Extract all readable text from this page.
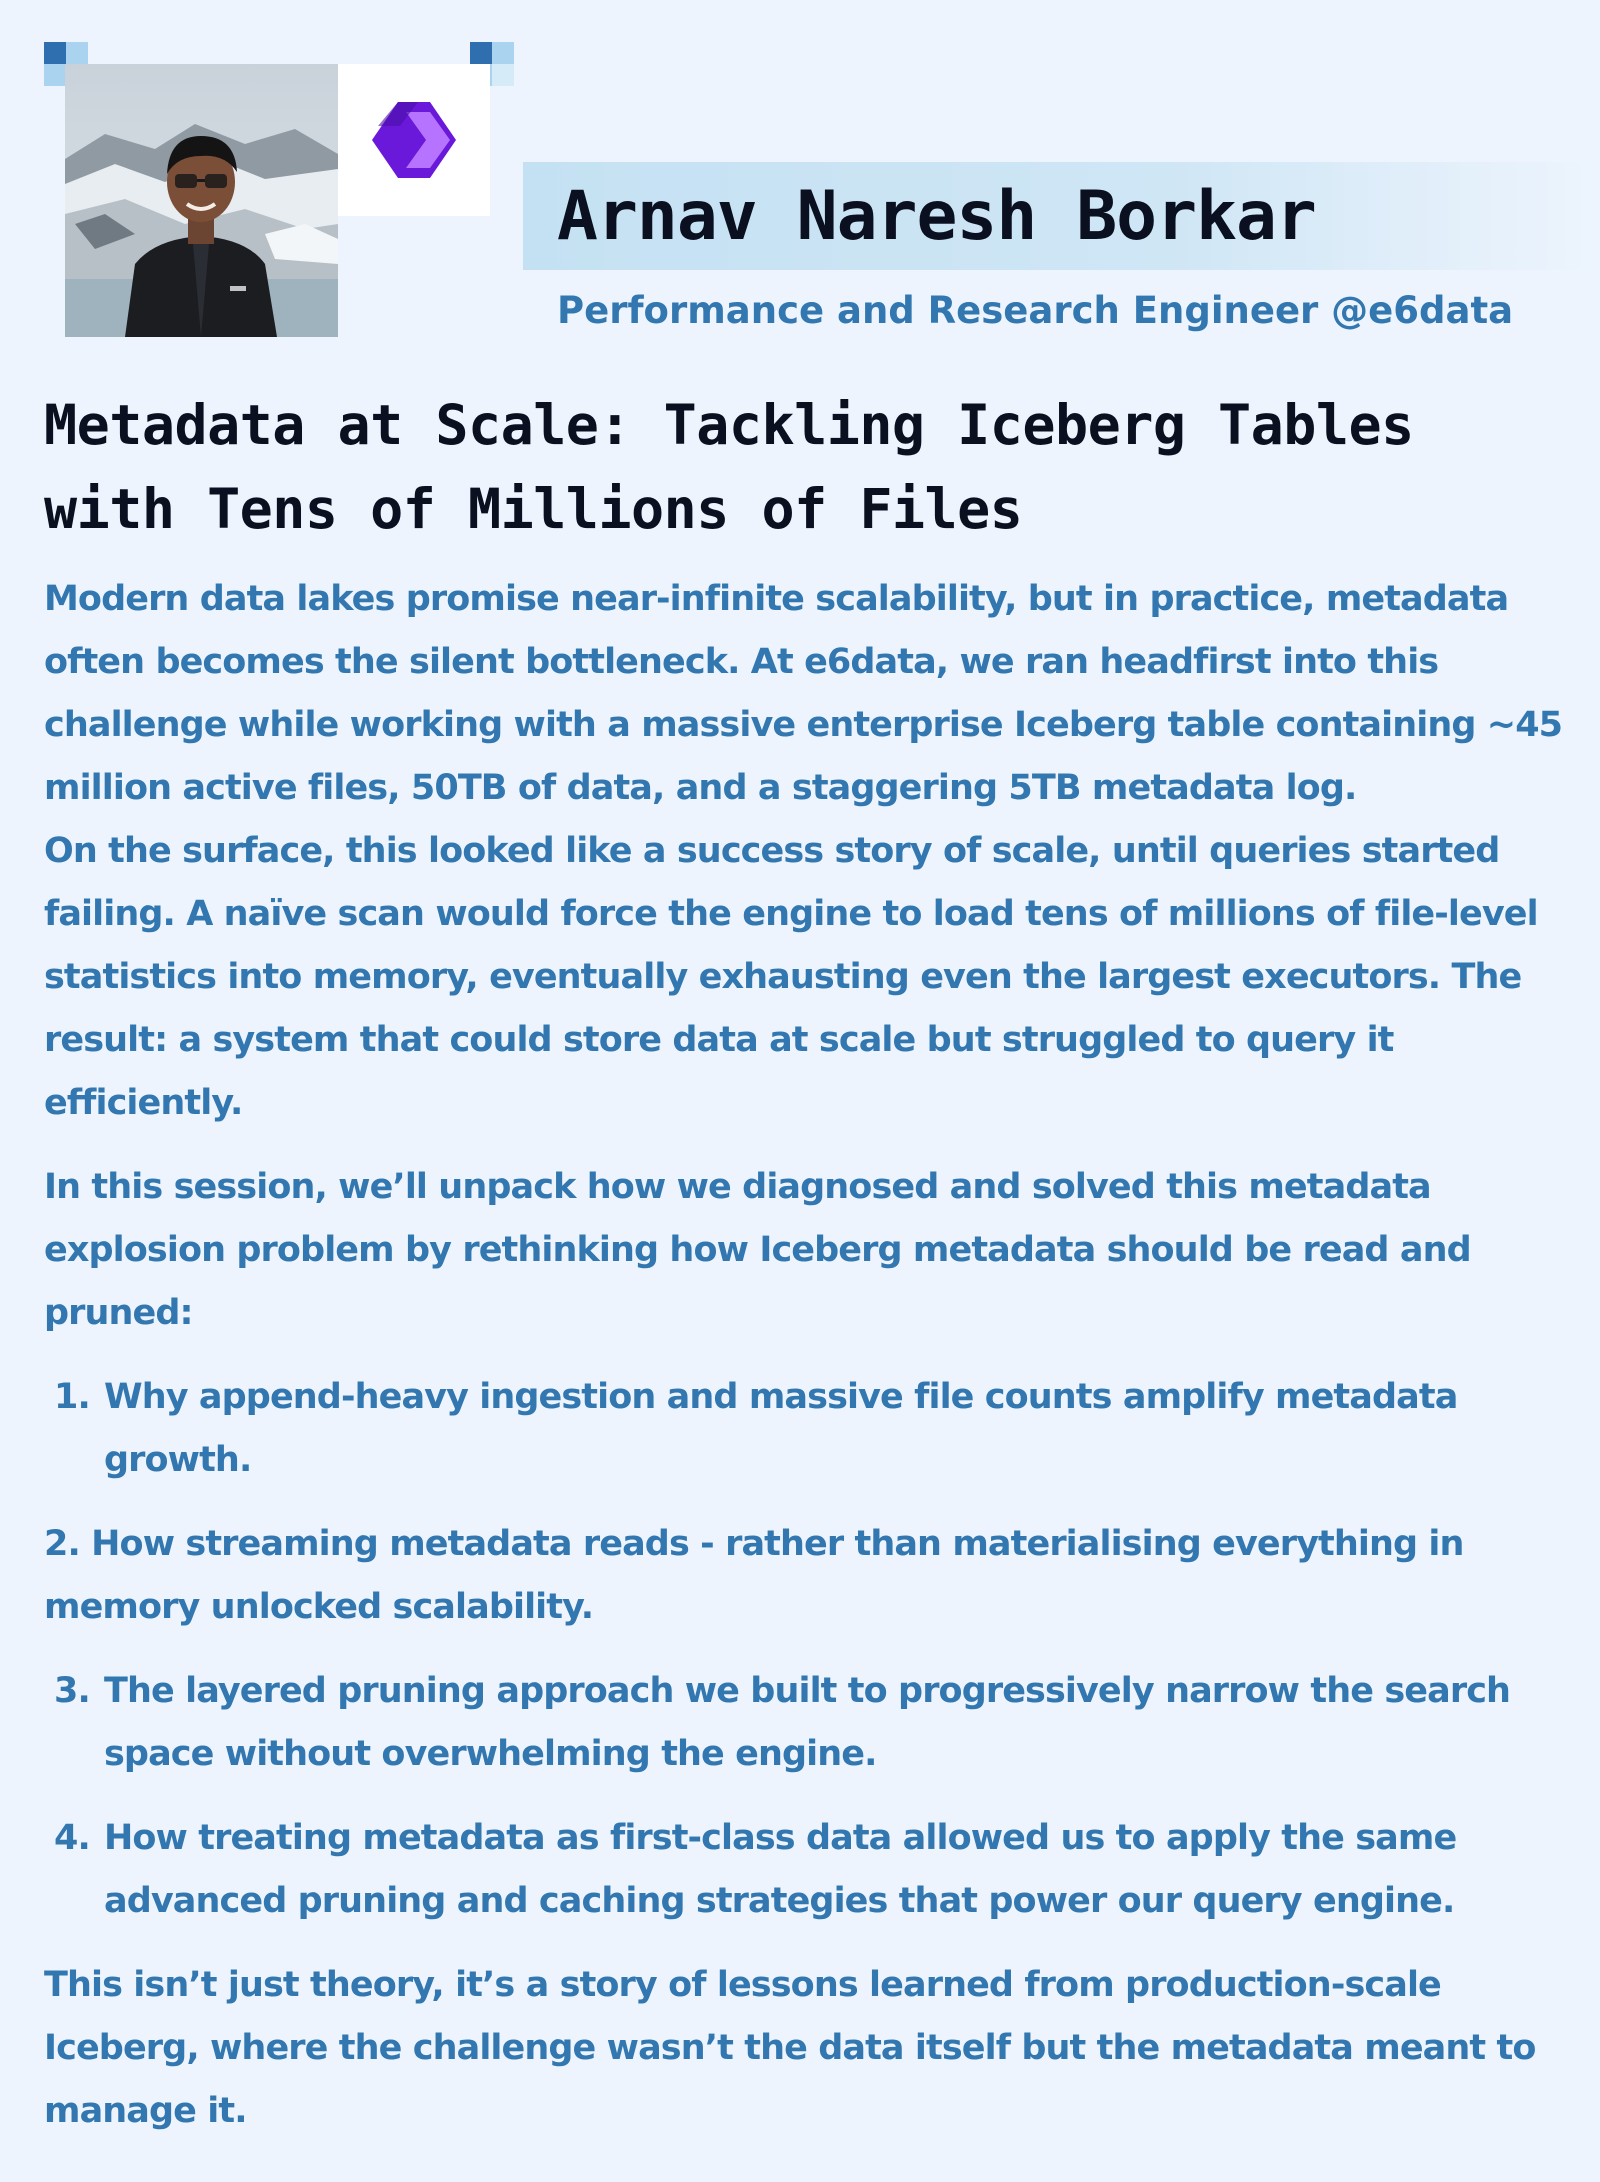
Arnav Naresh Borkar
Performance and Research Engineer @e6data
Metadata at Scale: Tackling Iceberg Tables
with Tens of Millions of Files

Modern data lakes promise near-infinite scalability, but in practice, metadata often becomes the silent bottleneck. At e6data, we ran headfirst into this challenge while working with a massive enterprise Iceberg table containing ~45 million active files, 50TB of data, and a staggering 5TB metadata log.

On the surface, this looked like a success story of scale, until queries started failing. A naïve scan would force the engine to load tens of millions of file-level statistics into memory, eventually exhausting even the largest executors. The result: a system that could store data at scale but struggled to query it efficiently.

In this session, we’ll unpack how we diagnosed and solved this metadata explosion problem by rethinking how Iceberg metadata should be read and pruned:

1. Why append-heavy ingestion and massive file counts amplify metadata growth.

2. How streaming metadata reads - rather than materialising everything in memory unlocked scalability.

3. The layered pruning approach we built to progressively narrow the search space without overwhelming the engine.
4. How treating metadata as first-class data allowed us to apply the same advanced pruning and caching strategies that power our query engine.

This isn’t just theory, it’s a story of lessons learned from production-scale Iceberg, where the challenge wasn’t the data itself but the metadata meant to manage it.
